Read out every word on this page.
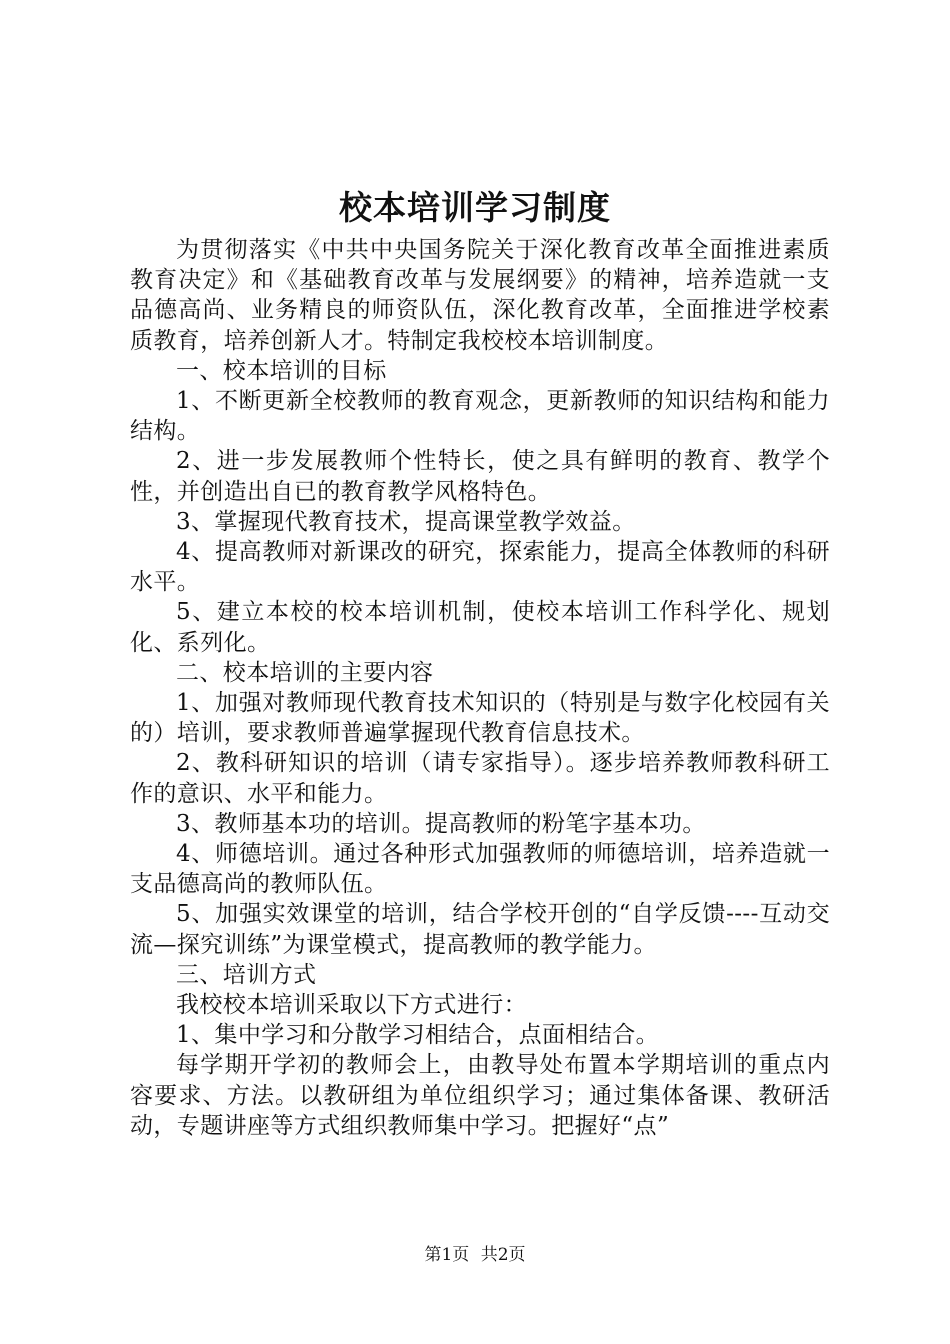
校本培训学习制度

为贯彻落实《中共中央国务院关于深化教育改革全面推进素质教育决定》和《基础教育改革与发展纲要》的精神，培养造就一支品德高尚、业务精良的师资队伍，深化教育改革，全面推进学校素质教育，培养创新人才。特制定我校校本培训制度。

一、校本培训的目标

1、不断更新全校教师的教育观念，更新教师的知识结构和能力结构。

2、进一步发展教师个性特长，使之具有鲜明的教育、教学个性，并创造出自已的教育教学风格特色。

3、掌握现代教育技术，提高课堂教学效益。

4、提高教师对新课改的研究，探索能力，提高全体教师的科研水平。

5、建立本校的校本培训机制，使校本培训工作科学化、规划化、系列化。

二、校本培训的主要内容

1、加强对教师现代教育技术知识的（特别是与数字化校园有关的）培训，要求教师普遍掌握现代教育信息技术。

2、教科研知识的培训（请专家指导）。逐步培养教师教科研工作的意识、水平和能力。

3、教师基本功的培训。提高教师的粉笔字基本功。

4、师德培训。通过各种形式加强教师的师德培训，培养造就一支品德高尚的教师队伍。

5、加强实效课堂的培训，结合学校开创的“自学反馈----互动交流—探究训练”为课堂模式，提高教师的教学能力。

三、培训方式

我校校本培训采取以下方式进行：

1、集中学习和分散学习相结合，点面相结合。

每学期开学初的教师会上，由教导处布置本学期培训的重点内容要求、方法。以教研组为单位组织学习；通过集体备课、教研活动，专题讲座等方式组织教师集中学习。把握好“点”

第1页 共2页
